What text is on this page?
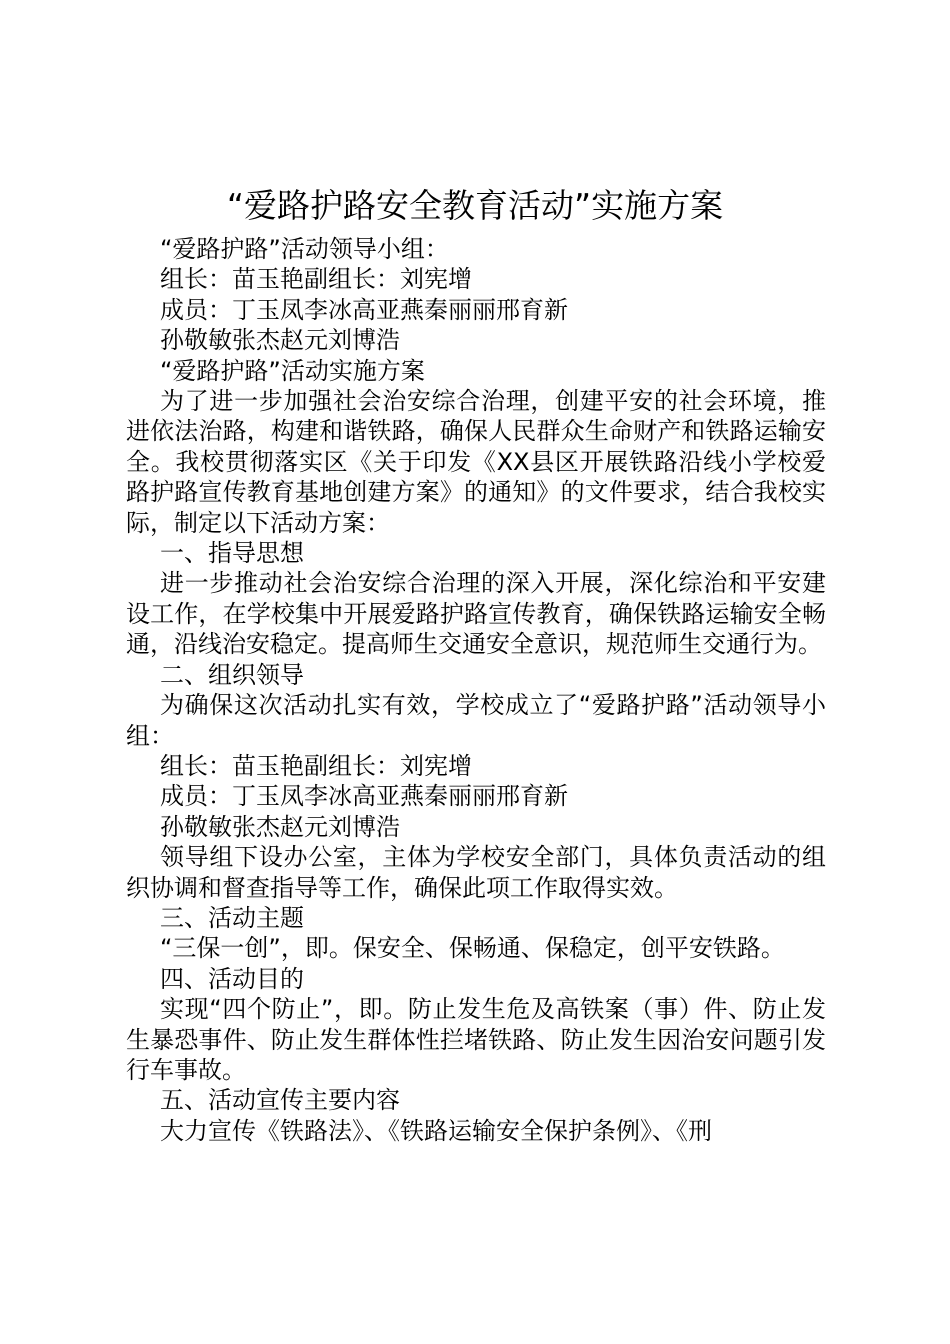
“爱路护路安全教育活动”实施方案

“爱路护路”活动领导小组：

组长：苗玉艳副组长：刘宪增

成员：丁玉凤李冰高亚燕秦丽丽邢育新

孙敬敏张杰赵元刘博浩

“爱路护路”活动实施方案

为了进一步加强社会治安综合治理，创建平安的社会环境，推进依法治路，构建和谐铁路，确保人民群众生命财产和铁路运输安全。我校贯彻落实区《关于印发《XX县区开展铁路沿线小学校爱路护路宣传教育基地创建方案》的通知》的文件要求，结合我校实际，制定以下活动方案：

一、指导思想

进一步推动社会治安综合治理的深入开展，深化综治和平安建设工作，在学校集中开展爱路护路宣传教育，确保铁路运输安全畅通，沿线治安稳定。提高师生交通安全意识，规范师生交通行为。

二、组织领导

为确保这次活动扎实有效，学校成立了“爱路护路”活动领导小组：

组长：苗玉艳副组长：刘宪增

成员：丁玉凤李冰高亚燕秦丽丽邢育新

孙敬敏张杰赵元刘博浩

领导组下设办公室，主体为学校安全部门，具体负责活动的组织协调和督查指导等工作，确保此项工作取得实效。

三、活动主题

“三保一创”，即。保安全、保畅通、保稳定，创平安铁路。

四、活动目的

实现“四个防止”，即。防止发生危及高铁案（事）件、防止发生暴恐事件、防止发生群体性拦堵铁路、防止发生因治安问题引发行车事故。

五、活动宣传主要内容

大力宣传《铁路法》、《铁路运输安全保护条例》、《刑
